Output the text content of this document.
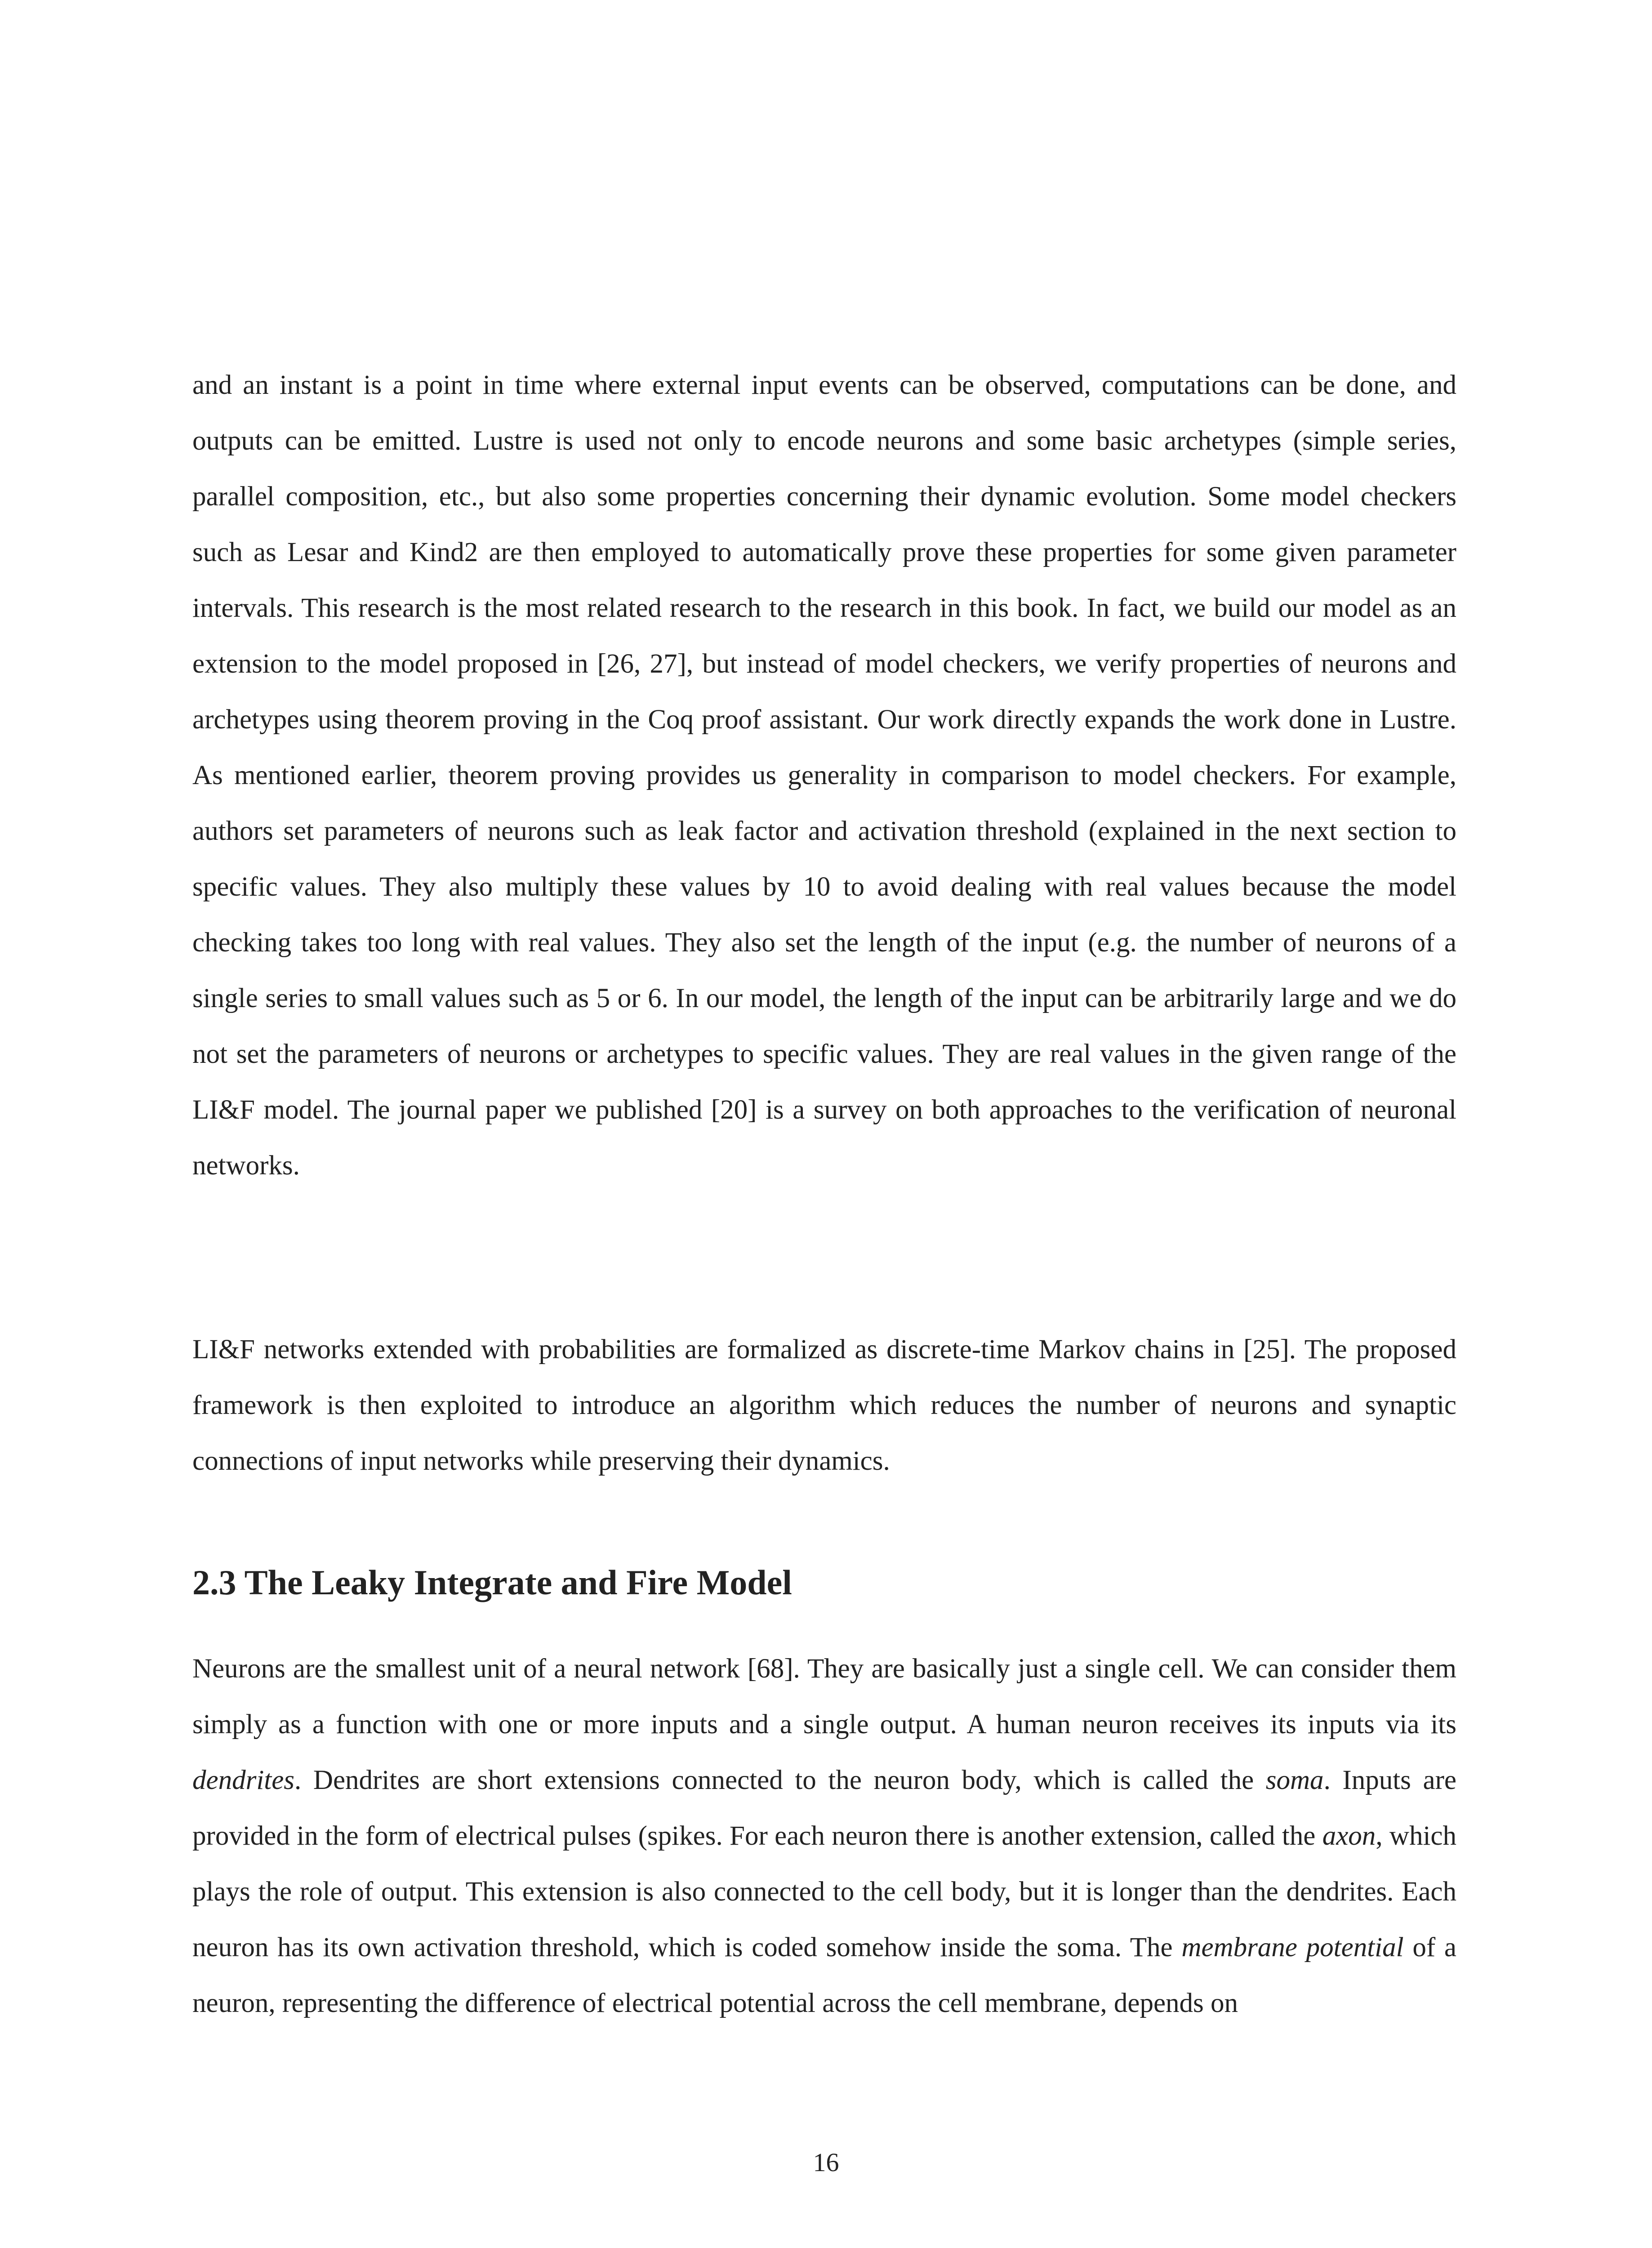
and an instant is a point in time where external input events can be observed, computations can be done, and outputs can be emitted. Lustre is used not only to encode neurons and some basic archetypes (simple series, parallel composition, etc., but also some properties concerning their dynamic evolution. Some model checkers such as Lesar and Kind2 are then employed to automatically prove these properties for some given parameter intervals. This research is the most related research to the research in this book. In fact, we build our model as an extension to the model proposed in [26, 27], but instead of model checkers, we verify properties of neurons and archetypes using theorem proving in the Coq proof assistant. Our work directly expands the work done in Lustre. As mentioned earlier, theorem proving provides us generality in comparison to model checkers. For example, authors set parameters of neurons such as leak factor and activation threshold (explained in the next section to specific values. They also multiply these values by 10 to avoid dealing with real values because the model checking takes too long with real values. They also set the length of the input (e.g. the number of neurons of a single series to small values such as 5 or 6. In our model, the length of the input can be arbitrarily large and we do not set the parameters of neurons or archetypes to specific values. They are real values in the given range of the LI&F model. The journal paper we published [20] is a survey on both approaches to the verification of neuronal networks.

LI&F networks extended with probabilities are formalized as discrete-time Markov chains in [25]. The proposed framework is then exploited to introduce an algorithm which reduces the number of neurons and synaptic connections of input networks while preserving their dynamics.

2.3 The Leaky Integrate and Fire Model

Neurons are the smallest unit of a neural network [68]. They are basically just a single cell. We can consider them simply as a function with one or more inputs and a single output. A human neuron receives its inputs via its dendrites. Dendrites are short extensions connected to the neuron body, which is called the soma. Inputs are provided in the form of electrical pulses (spikes. For each neuron there is another extension, called the axon, which plays the role of output. This extension is also connected to the cell body, but it is longer than the dendrites. Each neuron has its own activation threshold, which is coded somehow inside the soma. The membrane potential of a neuron, representing the difference of electrical potential across the cell membrane, depends on

16
